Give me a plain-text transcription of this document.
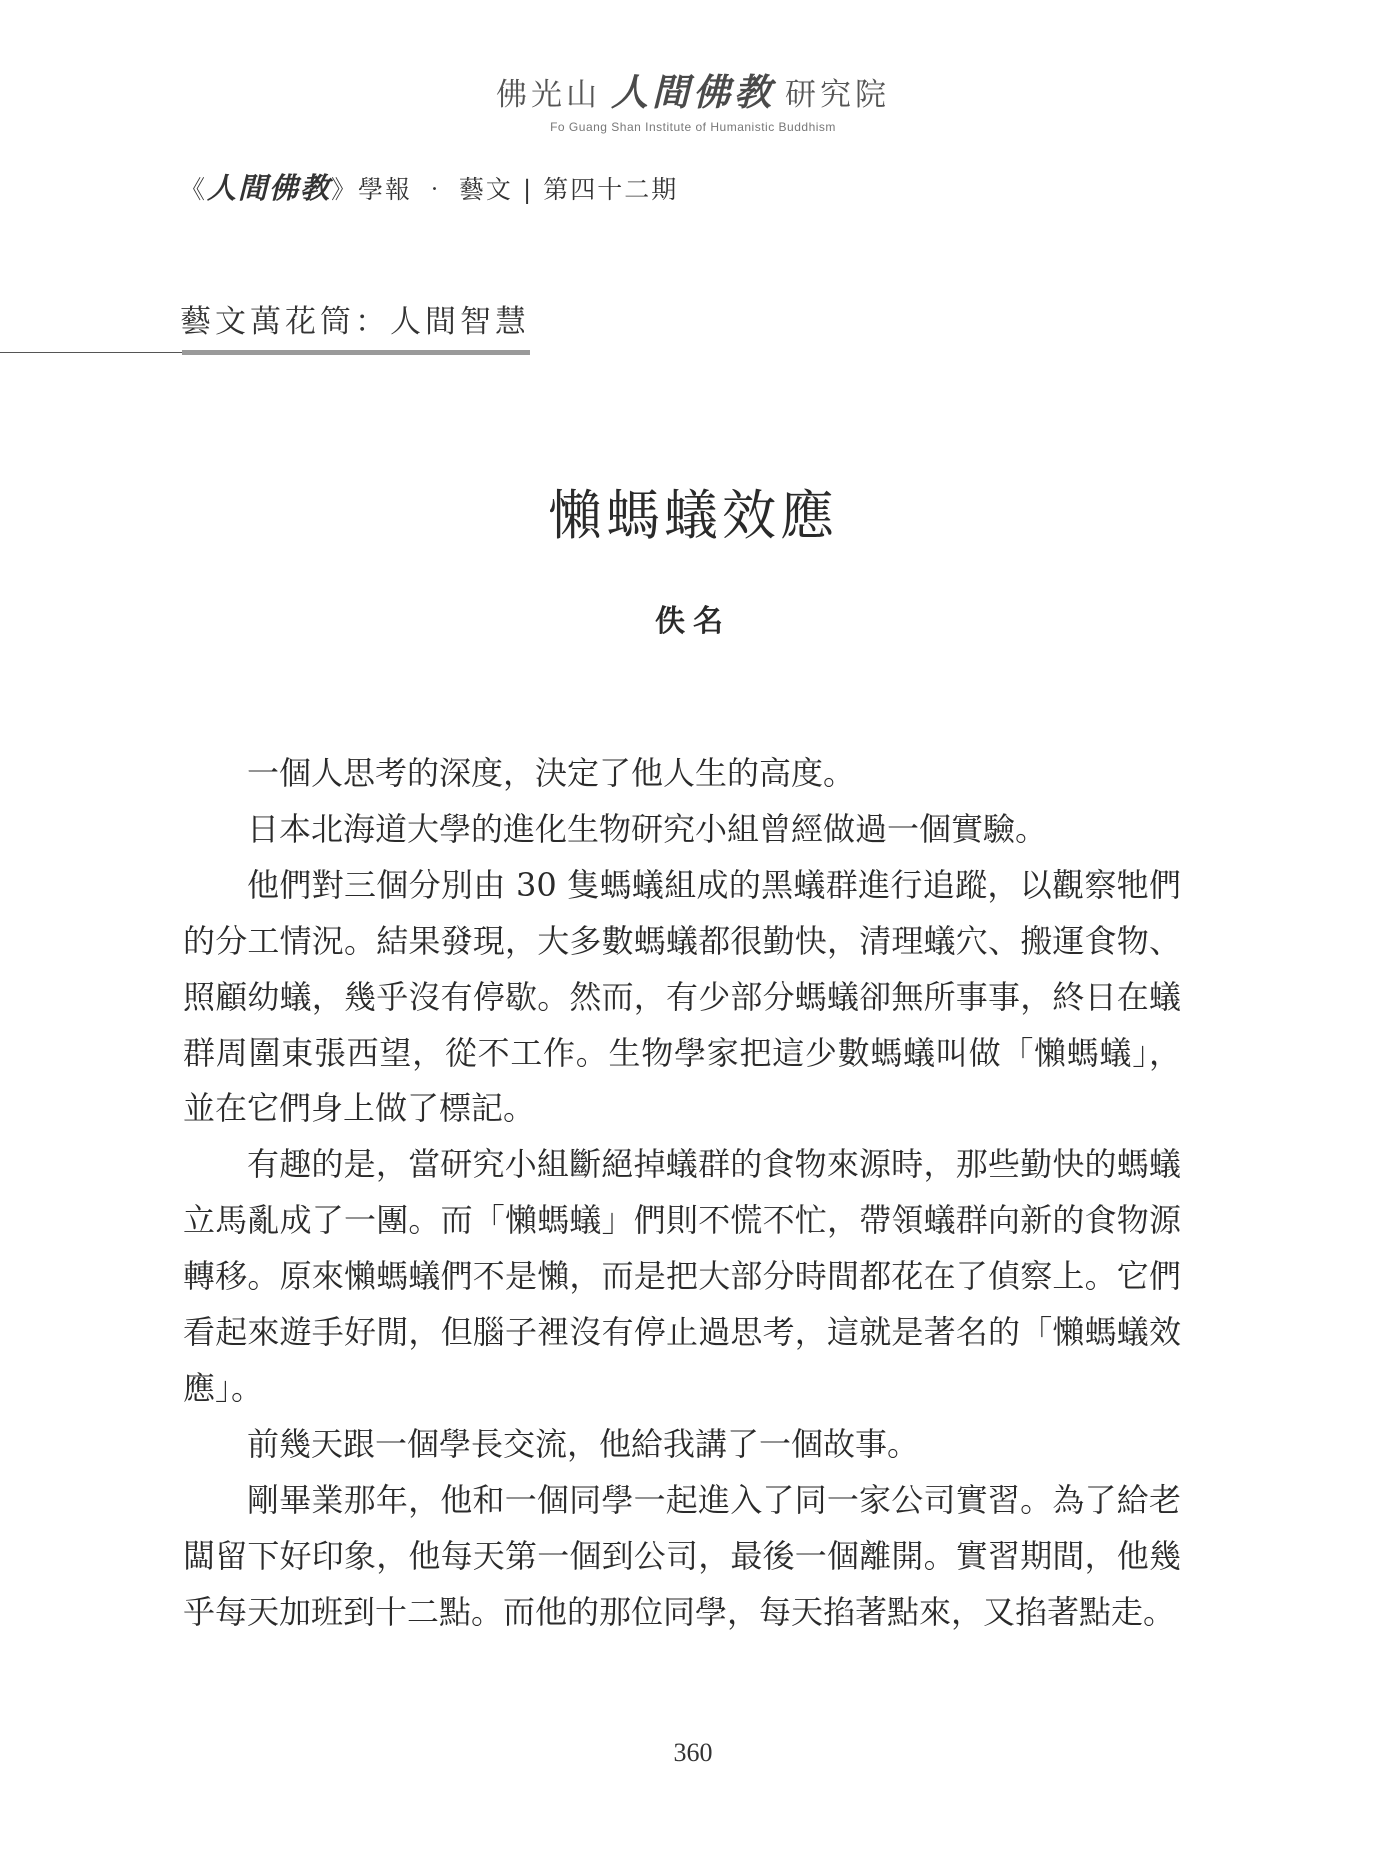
佛光山 人間佛教 研究院
Fo Guang Shan Institute of Humanistic Buddhism
《人間佛教》學報 ‧ 藝文 | 第四十二期
藝文萬花筒：人間智慧
懶螞蟻效應
佚名

一個人思考的深度，決定了他人生的高度。

日本北海道大學的進化生物研究小組曾經做過一個實驗。

他們對三個分別由 30 隻螞蟻組成的黑蟻群進行追蹤，以觀察牠們的分工情況。結果發現，大多數螞蟻都很勤快，清理蟻穴、搬運食物、照顧幼蟻，幾乎沒有停歇。然而，有少部分螞蟻卻無所事事，終日在蟻群周圍東張西望，從不工作。生物學家把這少數螞蟻叫做「懶螞蟻」，並在它們身上做了標記。

有趣的是，當研究小組斷絕掉蟻群的食物來源時，那些勤快的螞蟻立馬亂成了一團。而「懶螞蟻」們則不慌不忙，帶領蟻群向新的食物源轉移。原來懶螞蟻們不是懶，而是把大部分時間都花在了偵察上。它們看起來遊手好閒，但腦子裡沒有停止過思考，這就是著名的「懶螞蟻效應」。

前幾天跟一個學長交流，他給我講了一個故事。

剛畢業那年，他和一個同學一起進入了同一家公司實習。為了給老闆留下好印象，他每天第一個到公司，最後一個離開。實習期間，他幾乎每天加班到十二點。而他的那位同學，每天掐著點來，又掐著點走。

360
